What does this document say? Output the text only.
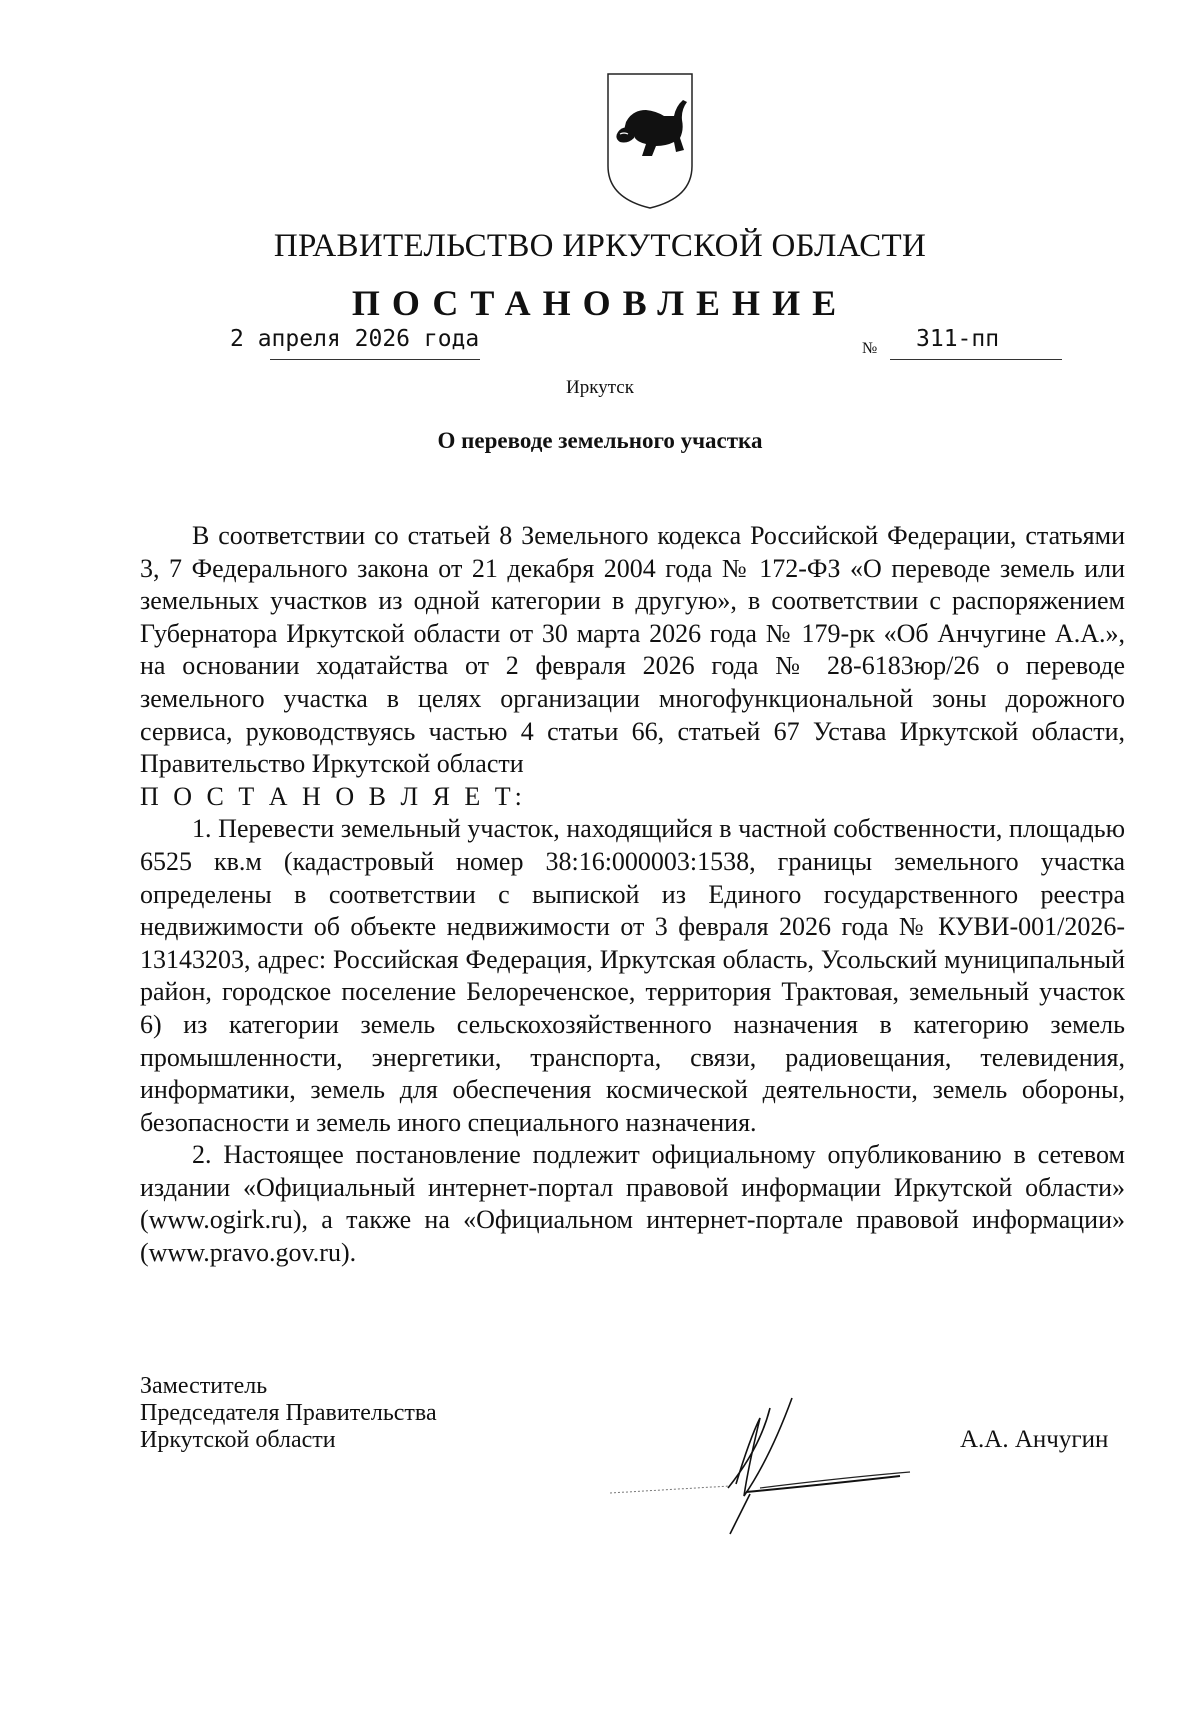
ПРАВИТЕЛЬСТВО ИРКУТСКОЙ ОБЛАСТИ
ПОСТАНОВЛЕНИЕ
2 апреля 2026 года	№ 311-пп
Иркутск
О переводе земельного участка

В соответствии со статьей 8 Земельного кодекса Российской Федерации, статьями 3, 7 Федерального закона от 21 декабря 2004 года № 172-ФЗ «О переводе земель или земельных участков из одной категории в другую», в соответствии с распоряжением Губернатора Иркутской области от 30 марта 2026 года № 179-рк «Об Анчугине А.А.», на основании ходатайства от 2 февраля 2026 года № 28-6183юр/26 о переводе земельного участка в целях организации многофункциональной зоны дорожного сервиса, руководствуясь частью 4 статьи 66, статьей 67 Устава Иркутской области, Правительство Иркутской области

П О С Т А Н О В Л Я Е Т:

1. Перевести земельный участок, находящийся в частной собственности, площадью 6525 кв.м (кадастровый номер 38:16:000003:1538, границы земельного участка определены в соответствии с выпиской из Единого государственного реестра недвижимости об объекте недвижимости от 3 февраля 2026 года № КУВИ-001/2026-13143203, адрес: Российская Федерация, Иркутская область, Усольский муниципальный район, городское поселение Белореченское, территория Трактовая, земельный участок 6) из категории земель сельскохозяйственного назначения в категорию земель промышленности, энергетики, транспорта, связи, радиовещания, телевидения, информатики, земель для обеспечения космической деятельности, земель обороны, безопасности и земель иного специального назначения.

2. Настоящее постановление подлежит официальному опубликованию в сетевом издании «Официальный интернет-портал правовой информации Иркутской области» (www.ogirk.ru), а также на «Официальном интернет-портале правовой информации» (www.pravo.gov.ru).

Заместитель
Председателя Правительства
Иркутской области	А.А. Анчугин
